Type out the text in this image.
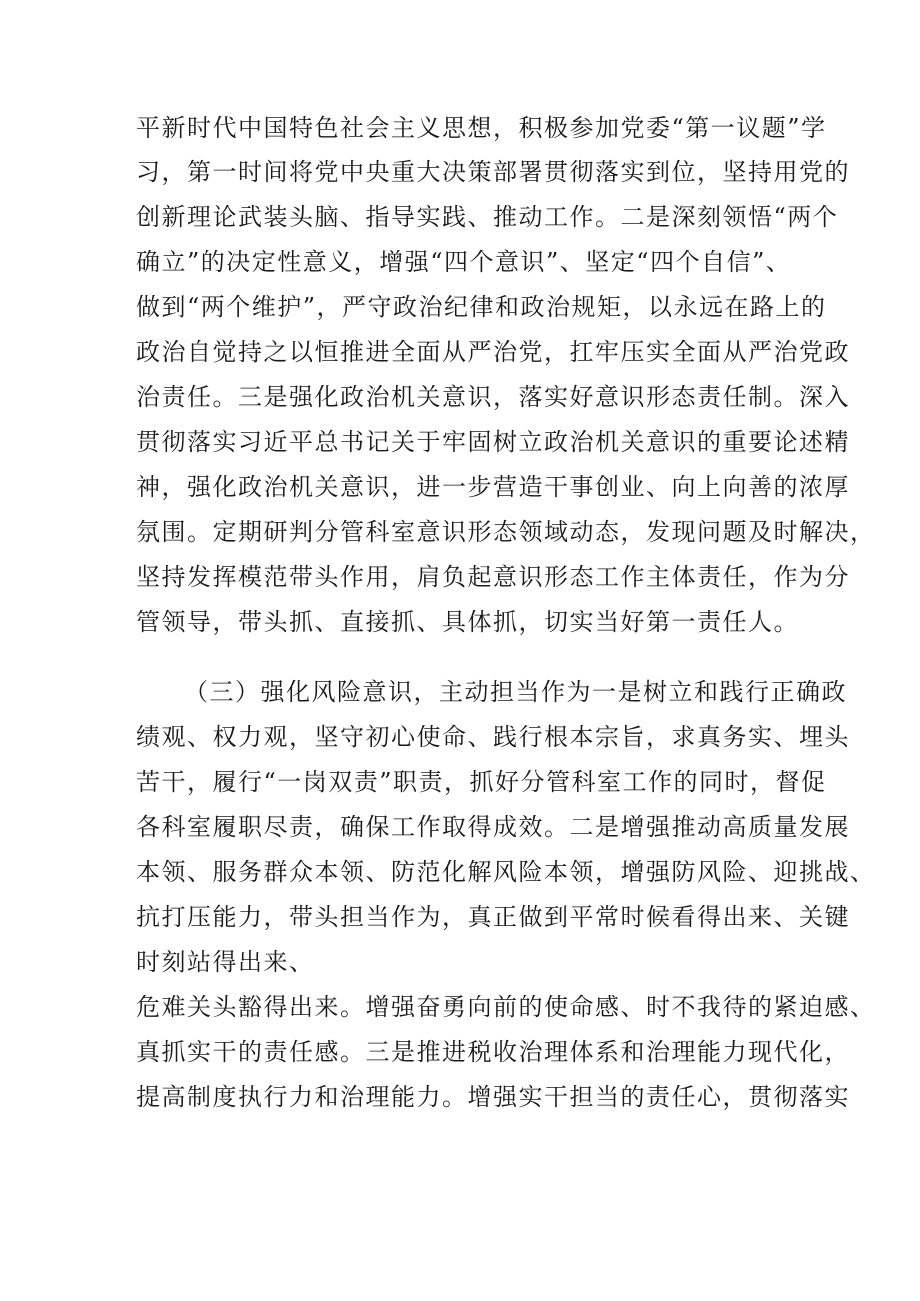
平新时代中国特色社会主义思想，积极参加党委“第一议题”学
习，第一时间将党中央重大决策部署贯彻落实到位，坚持用党的
创新理论武装头脑、指导实践、推动工作。二是深刻领悟“两个
确立”的决定性意义，增强“四个意识”、坚定“四个自信”、
做到“两个维护”，严守政治纪律和政治规矩，以永远在路上的
政治自觉持之以恒推进全面从严治党，扛牢压实全面从严治党政
治责任。三是强化政治机关意识，落实好意识形态责任制。深入
贯彻落实习近平总书记关于牢固树立政治机关意识的重要论述精
神，强化政治机关意识，进一步营造干事创业、向上向善的浓厚
氛围。定期研判分管科室意识形态领域动态，发现问题及时解决，
坚持发挥模范带头作用，肩负起意识形态工作主体责任，作为分
管领导，带头抓、直接抓、具体抓，切实当好第一责任人。
（三）强化风险意识，主动担当作为一是树立和践行正确政
绩观、权力观，坚守初心使命、践行根本宗旨，求真务实、埋头
苦干，履行“一岗双责”职责，抓好分管科室工作的同时，督促
各科室履职尽责，确保工作取得成效。二是增强推动高质量发展
本领、服务群众本领、防范化解风险本领，增强防风险、迎挑战、
抗打压能力，带头担当作为，真正做到平常时候看得出来、关键
时刻站得出来、
危难关头豁得出来。增强奋勇向前的使命感、时不我待的紧迫感、
真抓实干的责任感。三是推进税收治理体系和治理能力现代化，
提高制度执行力和治理能力。增强实干担当的责任心，贯彻落实
